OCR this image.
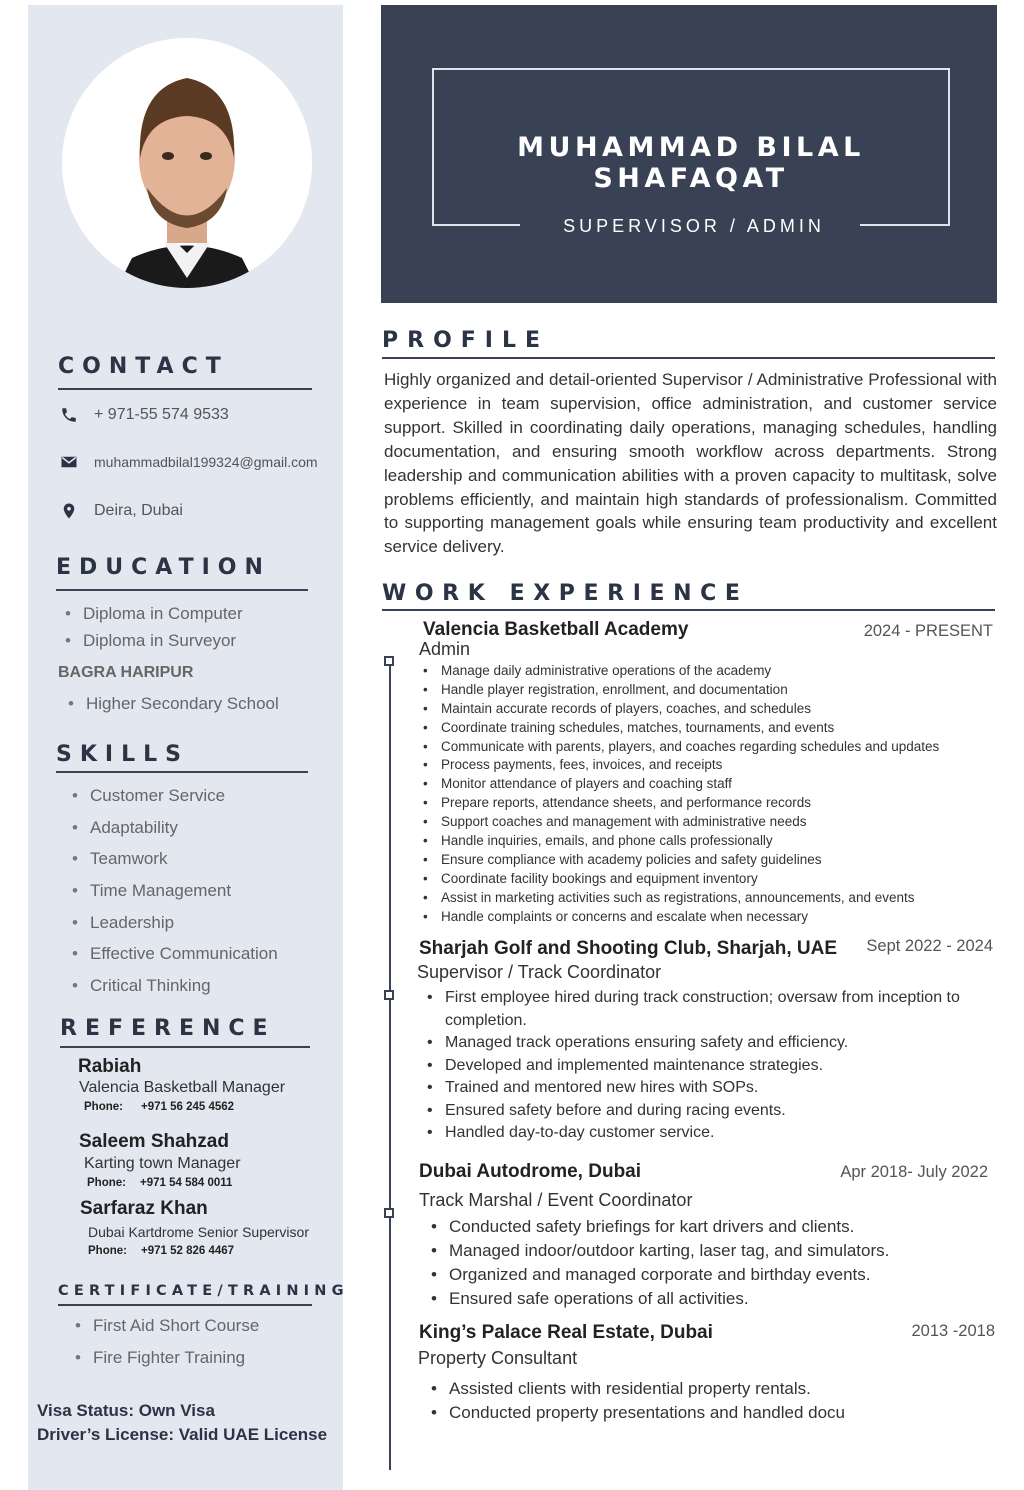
CONTACT
+ 971-55 574 9533
muhammadbilal199324@gmail.com
Deira, Dubai
EDUCATION
• Diploma in Computer
• Diploma in Surveyor
BAGRA HARIPUR
• Higher Secondary School
SKILLS
• Customer Service
• Adaptability
• Teamwork
• Time Management
• Leadership
• Effective Communication
• Critical Thinking
REFERENCE
Rabiah
Valencia Basketball Manager
Phone: +971 56 245 4562
Saleem Shahzad
Karting town Manager
Phone: +971 54 584 0011
Sarfaraz Khan
Dubai Kartdrome Senior Supervisor
Phone: +971 52 826 4467
CERTIFICATE/TRAINING
• First Aid Short Course
• Fire Fighter Training
Visa Status: Own Visa
Driver’s License: Valid UAE License
MUHAMMAD BILAL SHAFAQAT
SUPERVISOR / ADMIN
PROFILE
Highly organized and detail-oriented Supervisor / Administrative Professional with experience in team supervision, office administration, and customer service support. Skilled in coordinating daily operations, managing schedules, handling documentation, and ensuring smooth workflow across departments. Strong leadership and communication abilities with a proven capacity to multitask, solve problems efficiently, and maintain high standards of professionalism. Committed to supporting management goals while ensuring team productivity and excellent service delivery.
WORK EXPERIENCE
Valencia Basketball Academy	2024 - PRESENT
Admin
• Manage daily administrative operations of the academy
• Handle player registration, enrollment, and documentation
• Maintain accurate records of players, coaches, and schedules
• Coordinate training schedules, matches, tournaments, and events
• Communicate with parents, players, and coaches regarding schedules and updates
• Process payments, fees, invoices, and receipts
• Monitor attendance of players and coaching staff
• Prepare reports, attendance sheets, and performance records
• Support coaches and management with administrative needs
• Handle inquiries, emails, and phone calls professionally
• Ensure compliance with academy policies and safety guidelines
• Coordinate facility bookings and equipment inventory
• Assist in marketing activities such as registrations, announcements, and events
• Handle complaints or concerns and escalate when necessary
Sharjah Golf and Shooting Club, Sharjah, UAE Sept 2022 - 2024
Supervisor / Track Coordinator
• First employee hired during track construction; oversaw from inception to completion.
• Managed track operations ensuring safety and efficiency.
• Developed and implemented maintenance strategies.
• Trained and mentored new hires with SOPs.
• Ensured safety before and during racing events.
• Handled day-to-day customer service.
Dubai Autodrome, Dubai	Apr 2018- July 2022
Track Marshal / Event Coordinator
• Conducted safety briefings for kart drivers and clients.
• Managed indoor/outdoor karting, laser tag, and simulators.
• Organized and managed corporate and birthday events.
• Ensured safe operations of all activities.
King’s Palace Real Estate, Dubai	2013 -2018
Property Consultant
• Assisted clients with residential property rentals.
• Conducted property presentations and handled docu
